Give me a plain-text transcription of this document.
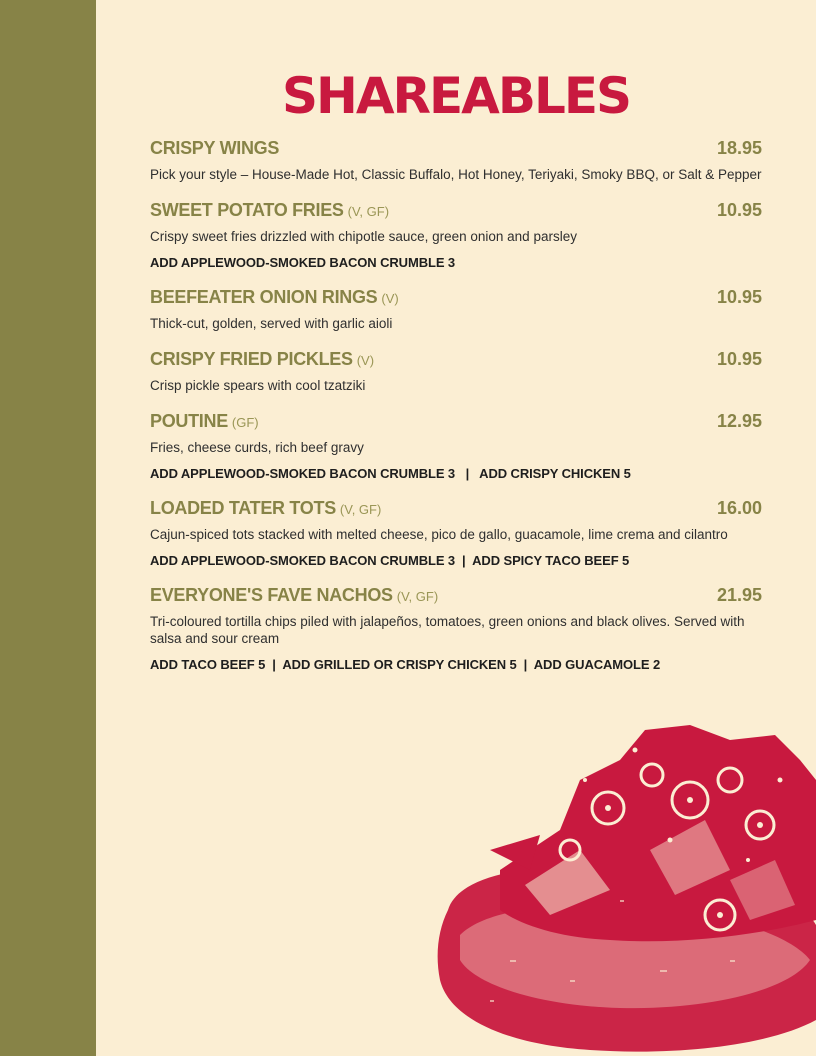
SHAREABLES
CRISPY WINGS	18.95
Pick your style – House-Made Hot, Classic Buffalo, Hot Honey, Teriyaki, Smoky BBQ, or Salt & Pepper
SWEET POTATO FRIES (V, GF)	10.95
Crispy sweet fries drizzled with chipotle sauce, green onion and parsley
ADD APPLEWOOD-SMOKED BACON CRUMBLE 3
BEEFEATER ONION RINGS (V)	10.95
Thick-cut, golden, served with garlic aioli
CRISPY FRIED PICKLES (V)	10.95
Crisp pickle spears with cool tzatziki
POUTINE (GF)	12.95
Fries, cheese curds, rich beef gravy
ADD APPLEWOOD-SMOKED BACON CRUMBLE 3   |   ADD CRISPY CHICKEN 5
LOADED TATER TOTS (V, GF)	16.00
Cajun-spiced tots stacked with melted cheese, pico de gallo, guacamole, lime crema and cilantro
ADD APPLEWOOD-SMOKED BACON CRUMBLE 3  |  ADD SPICY TACO BEEF 5
EVERYONE'S FAVE NACHOS (V, GF)	21.95
Tri-coloured tortilla chips piled with jalapeños, tomatoes, green onions and black olives. Served with salsa and sour cream
ADD TACO BEEF 5  |  ADD GRILLED OR CRISPY CHICKEN 5  |  ADD GUACAMOLE 2
